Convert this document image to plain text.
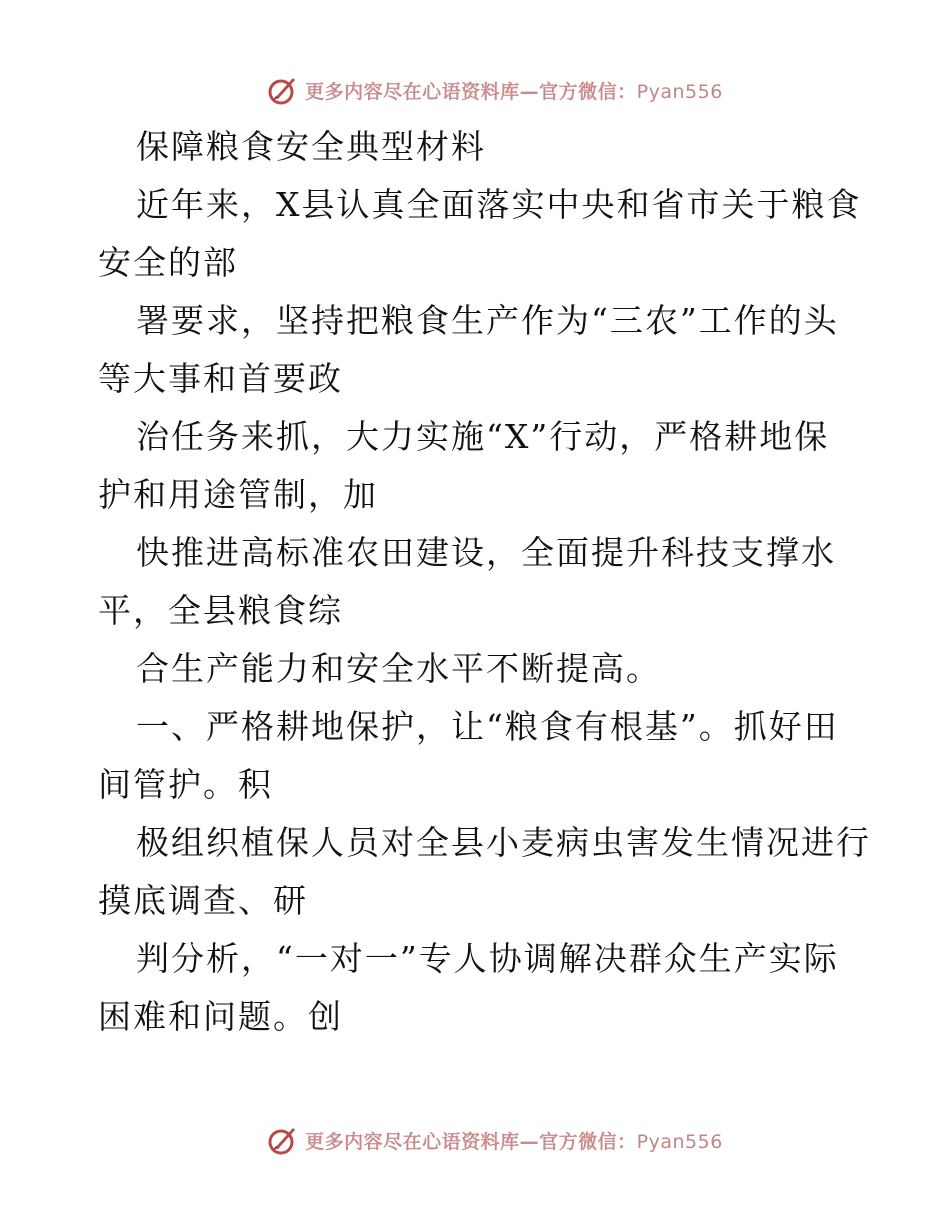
更多内容尽在心语资料库—官方微信：Pyan556
保障粮食安全典型材料
近年来，X县认真全面落实中央和省市关于粮食
安全的部
署要求，坚持把粮食生产作为“三农”工作的头
等大事和首要政
治任务来抓，大力实施“X”行动，严格耕地保
护和用途管制，加
快推进高标准农田建设，全面提升科技支撑水
平，全县粮食综
合生产能力和安全水平不断提高。
一、严格耕地保护，让“粮食有根基”。抓好田
间管护。积
极组织植保人员对全县小麦病虫害发生情况进行
摸底调查、研
判分析，“一对一”专人协调解决群众生产实际
困难和问题。创
更多内容尽在心语资料库—官方微信：Pyan556
